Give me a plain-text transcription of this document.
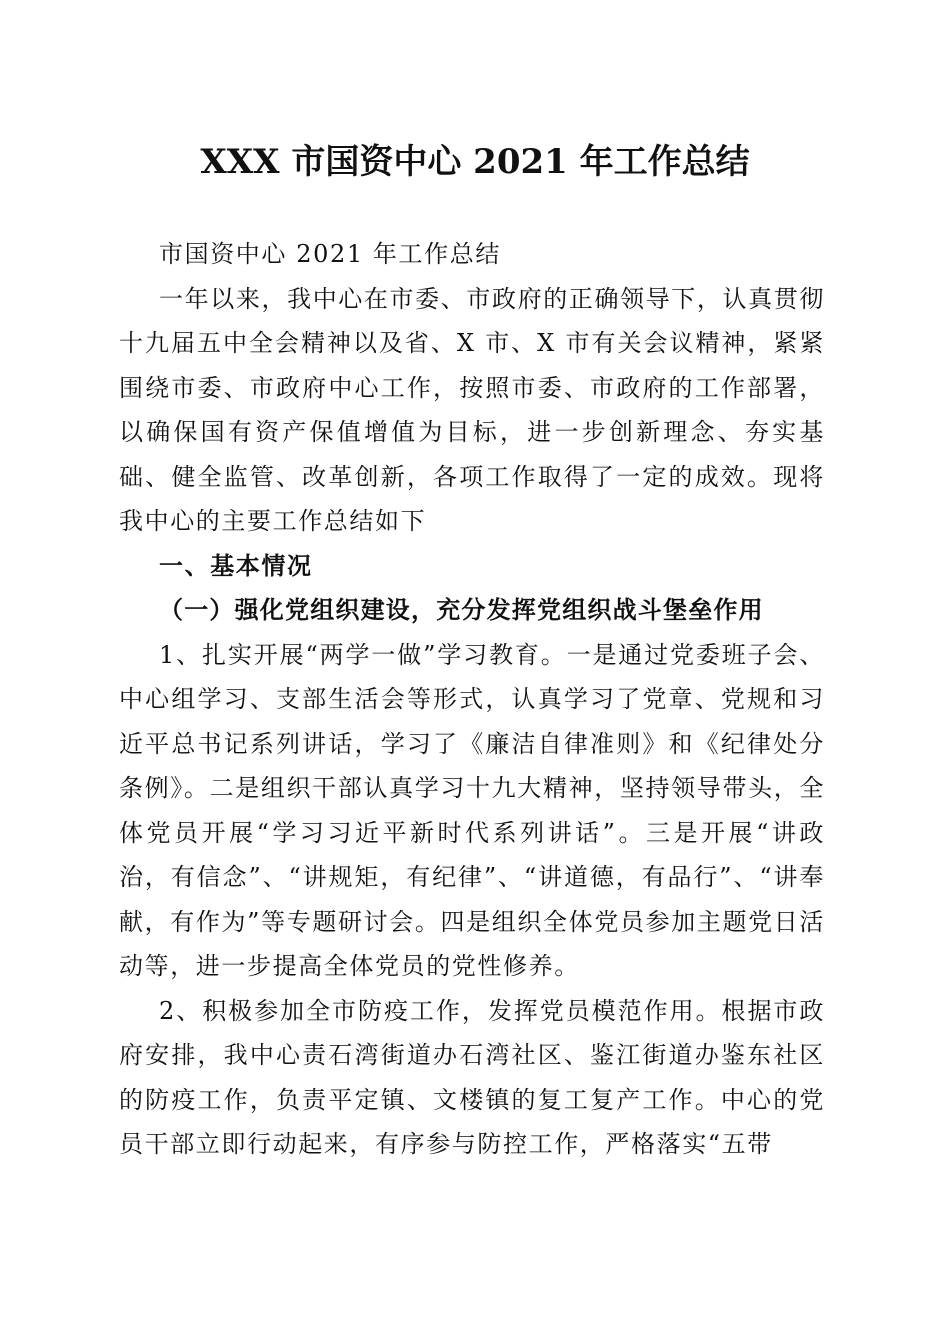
XXX 市国资中心 2021 年工作总结

市国资中心 2021 年工作总结

一年以来，我中心在市委、市政府的正确领导下，认真贯彻十九届五中全会精神以及省、X 市、X 市有关会议精神，紧紧围绕市委、市政府中心工作，按照市委、市政府的工作部署，以确保国有资产保值增值为目标，进一步创新理念、夯实基础、健全监管、改革创新，各项工作取得了一定的成效。现将我中心的主要工作总结如下

一、基本情况

（一）强化党组织建设，充分发挥党组织战斗堡垒作用

1、扎实开展“两学一做”学习教育。一是通过党委班子会、中心组学习、支部生活会等形式，认真学习了党章、党规和习近平总书记系列讲话，学习了《廉洁自律准则》和《纪律处分条例》。二是组织干部认真学习十九大精神，坚持领导带头，全体党员开展“学习习近平新时代系列讲话”。三是开展“讲政治，有信念”、“讲规矩，有纪律”、“讲道德，有品行”、“讲奉献，有作为”等专题研讨会。四是组织全体党员参加主题党日活动等，进一步提高全体党员的党性修养。

2、积极参加全市防疫工作，发挥党员模范作用。根据市政府安排，我中心责石湾街道办石湾社区、鉴江街道办鉴东社区的防疫工作，负责平定镇、文楼镇的复工复产工作。中心的党员干部立即行动起来，有序参与防控工作，严格落实“五带
